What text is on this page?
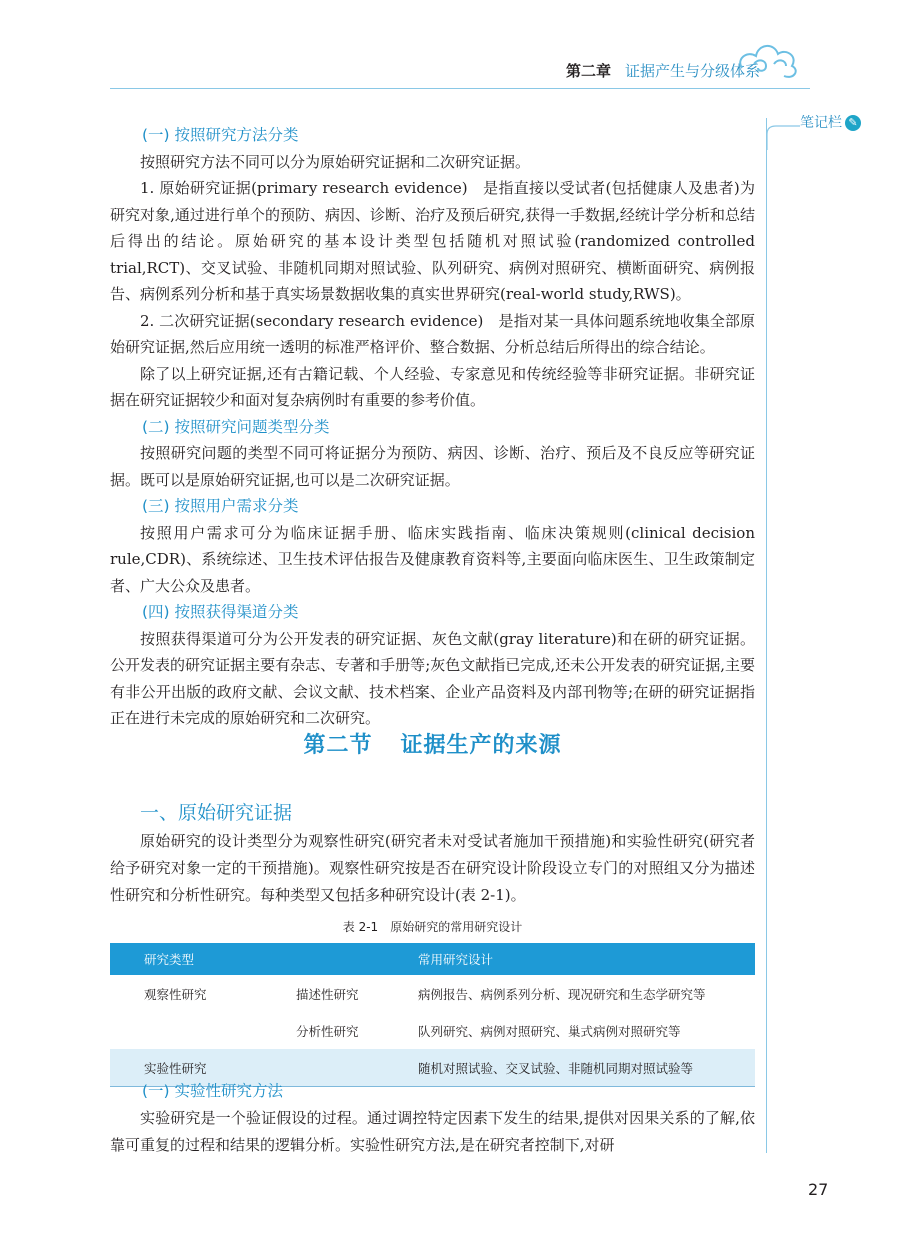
第二章 证据产生与分级体系
笔记栏 ✎

(一) 按照研究方法分类

按照研究方法不同可以分为原始研究证据和二次研究证据。

1. 原始研究证据(primary research evidence)　是指直接以受试者(包括健康人及患者)为研究对象,通过进行单个的预防、病因、诊断、治疗及预后研究,获得一手数据,经统计学分析和总结后得出的结论。原始研究的基本设计类型包括随机对照试验(randomized controlled trial,RCT)、交叉试验、非随机同期对照试验、队列研究、病例对照研究、横断面研究、病例报告、病例系列分析和基于真实场景数据收集的真实世界研究(real-world study,RWS)。

2. 二次研究证据(secondary research evidence)　是指对某一具体问题系统地收集全部原始研究证据,然后应用统一透明的标准严格评价、整合数据、分析总结后所得出的综合结论。

除了以上研究证据,还有古籍记载、个人经验、专家意见和传统经验等非研究证据。非研究证据在研究证据较少和面对复杂病例时有重要的参考价值。

(二) 按照研究问题类型分类

按照研究问题的类型不同可将证据分为预防、病因、诊断、治疗、预后及不良反应等研究证据。既可以是原始研究证据,也可以是二次研究证据。

(三) 按照用户需求分类

按照用户需求可分为临床证据手册、临床实践指南、临床决策规则(clinical decision rule,CDR)、系统综述、卫生技术评估报告及健康教育资料等,主要面向临床医生、卫生政策制定者、广大公众及患者。

(四) 按照获得渠道分类

按照获得渠道可分为公开发表的研究证据、灰色文献(gray literature)和在研的研究证据。公开发表的研究证据主要有杂志、专著和手册等;灰色文献指已完成,还未公开发表的研究证据,主要有非公开出版的政府文献、会议文献、技术档案、企业产品资料及内部刊物等;在研的研究证据指正在进行未完成的原始研究和二次研究。

第二节 证据生产的来源
一、原始研究证据

原始研究的设计类型分为观察性研究(研究者未对受试者施加干预措施)和实验性研究(研究者给予研究对象一定的干预措施)。观察性研究按是否在研究设计阶段设立专门的对照组又分为描述性研究和分析性研究。每种类型又包括多种研究设计(表 2-1)。

表 2-1　原始研究的常用研究设计
研究类型		常用研究设计
观察性研究	描述性研究	病例报告、病例系列分析、现况研究和生态学研究等
	分析性研究	队列研究、病例对照研究、巢式病例对照研究等
实验性研究		随机对照试验、交叉试验、非随机同期对照试验等

(一) 实验性研究方法

实验研究是一个验证假设的过程。通过调控特定因素下发生的结果,提供对因果关系的了解,依靠可重复的过程和结果的逻辑分析。实验性研究方法,是在研究者控制下,对研

27
